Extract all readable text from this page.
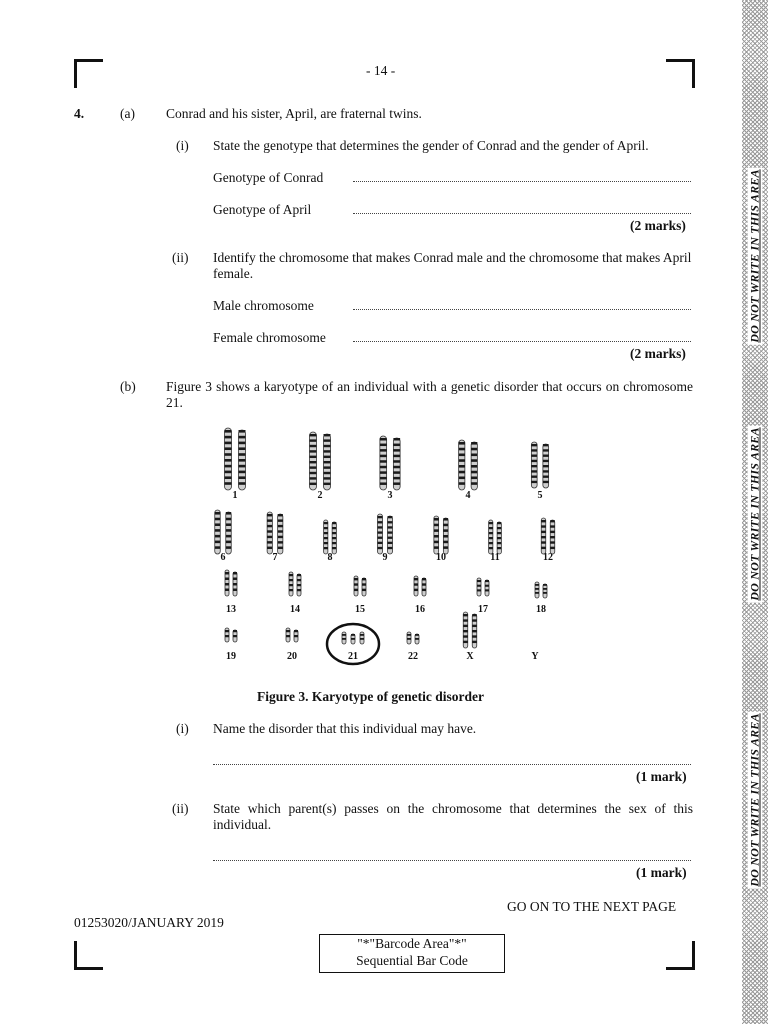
DO NOT WRITE IN THIS AREA
DO NOT WRITE IN THIS AREA
DO NOT WRITE IN THIS AREA
- 14 -
4.	(a) Conrad and his sister, April, are fraternal twins.
(i) State the genotype that determines the gender of Conrad and the gender of April.
Genotype of Conrad
Genotype of April
(2 marks)
(ii) Identify the chromosome that makes Conrad male and the chromosome that makes April female.
Male chromosome
Female chromosome
(2 marks)
(b) Figure 3 shows a karyotype of an individual with a genetic disorder that occurs on chromosome 21.
1	2	3	4	5
6	7	8	9	10	11	12
13	14	15	16	17	18
19	20	21	22	X	Y
Figure 3. Karyotype of genetic disorder
(i) Name the disorder that this individual may have.
(1 mark)
(ii) State which parent(s) passes on the chromosome that determines the sex of this individual.
(1 mark)
GO ON TO THE NEXT PAGE
01253020/JANUARY 2019
"*"Barcode Area"*"
Sequential Bar Code
